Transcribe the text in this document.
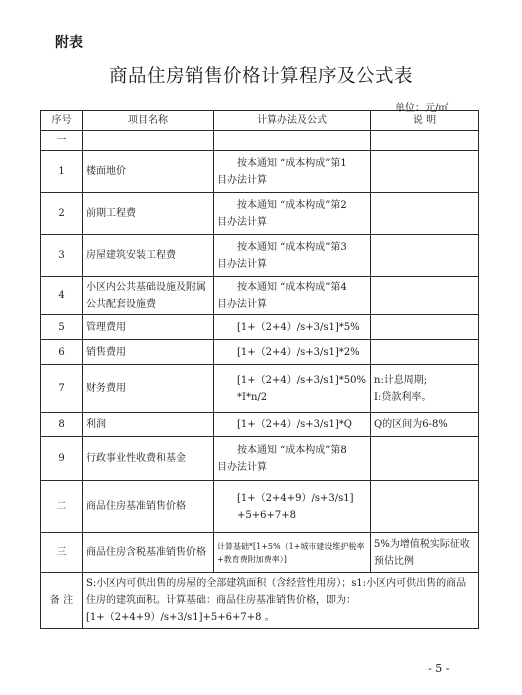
附表
商品住房销售价格计算程序及公式表
单位：元/㎡
序号	项目名称	计算办法及公式	说 明
一			
1	楼面地价	按本通知 “成本构成”第1
目办法计算	
2	前期工程费	按本通知 “成本构成”第2
目办法计算	
3	房屋建筑安装工程费	按本通知 “成本构成”第3
目办法计算	
4	小区内公共基础设施及附属公共配套设施费	按本通知 “成本构成”第4
目办法计算	
5	管理费用	[1+（2+4）/s+3/s1]*5%	

6	销售费用	[1+（2+4）/s+3/s1]*2%	

7	财务费用	[1+（2+4）/s+3/s1]*50%
*I*n/2	n:计息周期;
I:贷款利率。
8	利润	[1+（2+4）/s+3/s1]*Q	Q的区间为6-8%
9	行政事业性收费和基金	按本通知 “成本构成”第8
目办法计算	
二	商品住房基准销售价格	[1+（2+4+9）/s+3/s1]
+5+6+7+8	

三	商品住房含税基准销售价格	计算基础*[1+5%（1+城市建设维护税率+教育费附加费率）]	5%为增值税实际征收预估比例
备 注	S:小区内可供出售的房屋的全部建筑面积（含经营性用房）；s1:小区内可供出售的商品住房的建筑面积。计算基础：商品住房基准销售价格，即为：[1+（2+4+9）/s+3/s1]+5+6+7+8 。		
- 5 -
